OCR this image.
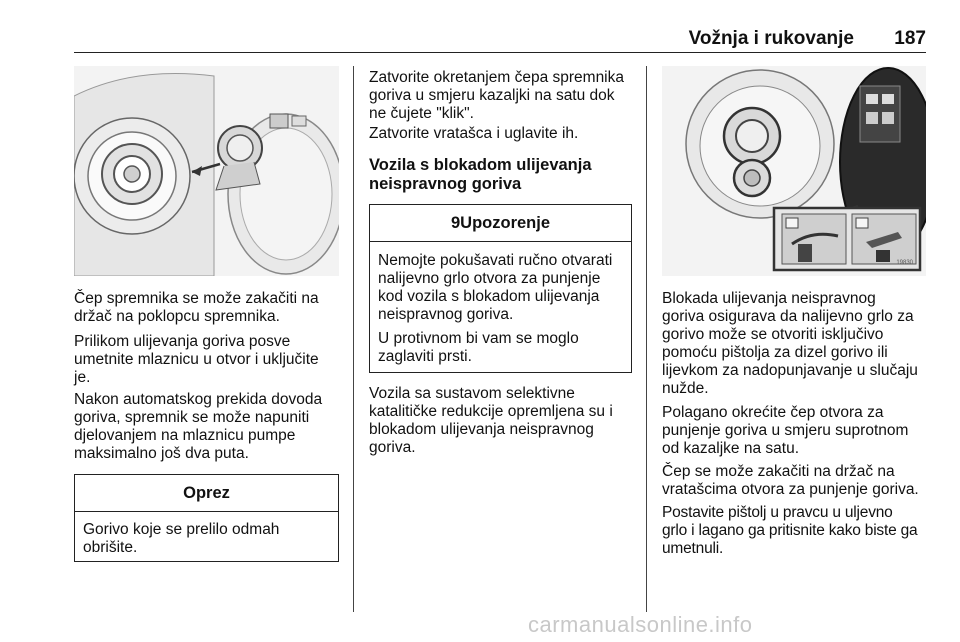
Vožnja i rukovanje 187

Čep spremnika se može zakačiti na
držač na poklopcu spremnika.

Prilikom ulijevanja goriva posve
umetnite mlaznicu u otvor i uključite
je.

Nakon automatskog prekida dovoda
goriva, spremnik se može napuniti
djelovanjem na mlaznicu pumpe
maksimalno još dva puta.

Oprez

Gorivo koje se prelilo odmah
obrišite.

Zatvorite okretanjem čepa spremnika
goriva u smjeru kazaljki na satu dok
ne čujete "klik".

Zatvorite vratašca i uglavite ih.

Vozila s blokadom ulijevanja
neispravnog goriva

9Upozorenje

Nemojte pokušavati ručno otvarati
nalijevno grlo otvora za punjenje
kod vozila s blokadom ulijevanja
neispravnog goriva.

U protivnom bi vam se moglo
zaglaviti prsti.

Vozila sa sustavom selektivne
katalitičke redukcije opremljena su i
blokadom ulijevanja neispravnog
goriva.

19830

Blokada ulijevanja neispravnog
goriva osigurava da nalijevno grlo za
gorivo može se otvoriti isključivo
pomoću pištolja za dizel gorivo ili
lijevkom za nadopunjavanje u slučaju
nužde.

Polagano okrećite čep otvora za
punjenje goriva u smjeru suprotnom
od kazaljke na satu.

Čep se može zakačiti na držač na
vratašcima otvora za punjenje goriva.

Postavite pištolj u pravcu u uljevno
grlo i lagano ga pritisnite kako biste ga
umetnuli.

carmanualsonline.info
